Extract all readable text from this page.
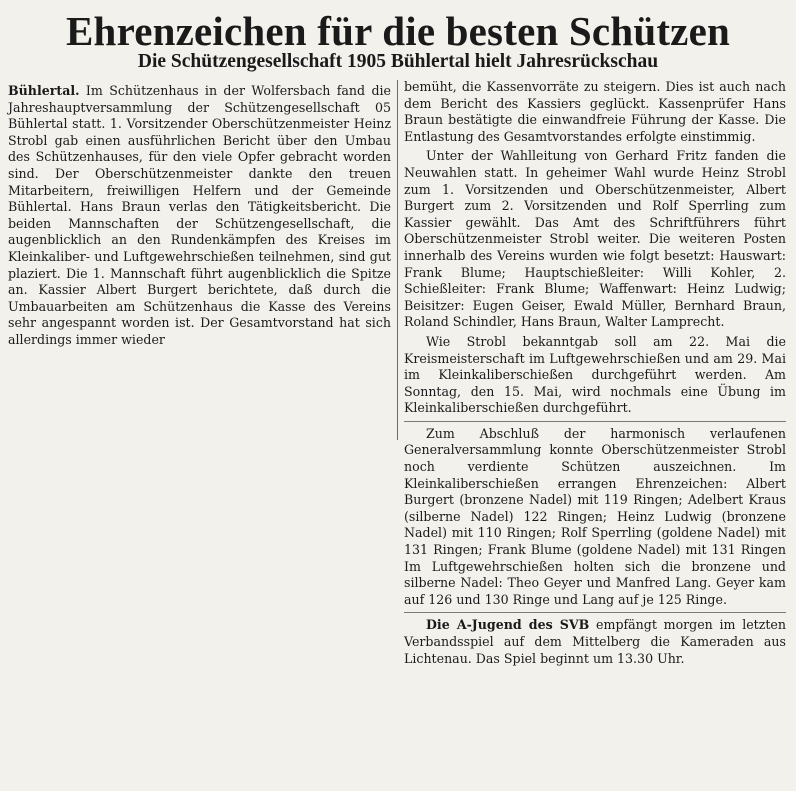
Ehrenzeichen für die besten Schützen
Die Schützengesellschaft 1905 Bühlertal hielt Jahresrückschau

Bühlertal. Im Schützenhaus in der Wolfersbach fand die Jahreshauptversammlung der Schützengesellschaft 05 Bühlertal statt. 1. Vorsitzender Oberschützenmeister Heinz Strobl gab einen ausführlichen Bericht über den Umbau des Schützenhauses, für den viele Opfer gebracht worden sind. Der Oberschützenmeister dankte den treuen Mitarbeitern, freiwilligen Helfern und der Gemeinde Bühlertal. Hans Braun verlas den Tätigkeitsbericht. Die beiden Mannschaften der Schützengesellschaft, die augenblicklich an den Rundenkämpfen des Kreises im Kleinkaliber- und Luftgewehrschießen teilnehmen, sind gut plaziert. Die 1. Mannschaft führt augenblicklich die Spitze an. Kassier Albert Burgert berichtete, daß durch die Umbauarbeiten am Schützenhaus die Kasse des Vereins sehr angespannt worden ist. Der Gesamtvorstand hat sich allerdings immer wieder

bemüht, die Kassenvorräte zu steigern. Dies ist auch nach dem Bericht des Kassiers geglückt. Kassenprüfer Hans Braun bestätigte die einwandfreie Führung der Kasse. Die Entlastung des Gesamtvorstandes erfolgte einstimmig.

Unter der Wahlleitung von Gerhard Fritz fanden die Neuwahlen statt. In geheimer Wahl wurde Heinz Strobl zum 1. Vorsitzenden und Oberschützenmeister, Albert Burgert zum 2. Vorsitzenden und Rolf Sperrling zum Kassier gewählt. Das Amt des Schriftführers führt Oberschützenmeister Strobl weiter. Die weiteren Posten innerhalb des Vereins wurden wie folgt besetzt: Hauswart: Frank Blume; Hauptschießleiter: Willi Kohler, 2. Schießleiter: Frank Blume; Waffenwart: Heinz Ludwig; Beisitzer: Eugen Geiser, Ewald Müller, Bernhard Braun, Roland Schindler, Hans Braun, Walter Lamprecht.

Wie Strobl bekanntgab soll am 22. Mai die Kreismeisterschaft im Luftgewehrschießen und am 29. Mai im Kleinkaliberschießen durchgeführt werden. Am Sonntag, den 15. Mai, wird nochmals eine Übung im Kleinkaliberschießen durchgeführt.

Zum Abschluß der harmonisch verlaufenen Generalversammlung konnte Oberschützenmeister Strobl noch verdiente Schützen auszeichnen. Im Kleinkaliberschießen errangen Ehrenzeichen: Albert Burgert (bronzene Nadel) mit 119 Ringen; Adelbert Kraus (silberne Nadel) 122 Ringen; Heinz Ludwig (bronzene Nadel) mit 110 Ringen; Rolf Sperrling (goldene Nadel) mit 131 Ringen; Frank Blume (goldene Nadel) mit 131 Ringen Im Luftgewehrschießen holten sich die bronzene und silberne Nadel: Theo Geyer und Manfred Lang. Geyer kam auf 126 und 130 Ringe und Lang auf je 125 Ringe.

Die A-Jugend des SVB empfängt morgen im letzten Verbandsspiel auf dem Mittelberg die Kameraden aus Lichtenau. Das Spiel beginnt um 13.30 Uhr.
